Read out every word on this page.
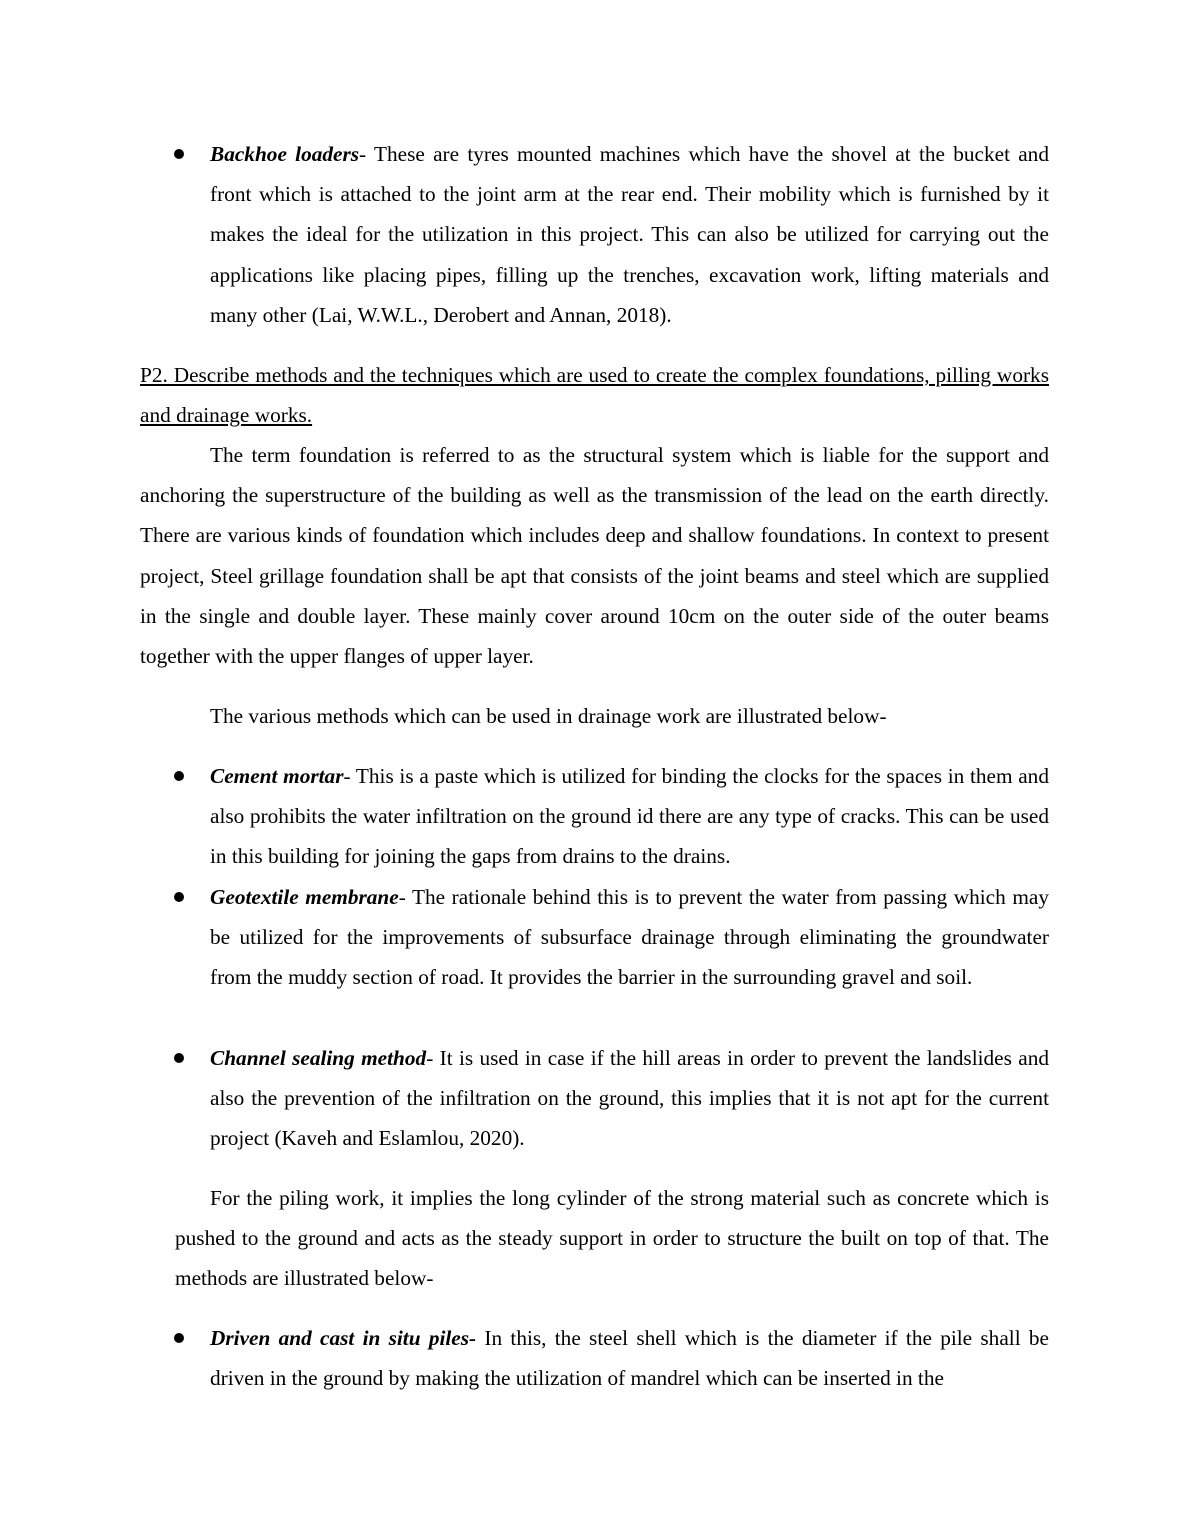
Backhoe loaders- These are tyres mounted machines which have the shovel at the bucket and front which is attached to the joint arm at the rear end. Their mobility which is furnished by it makes the ideal for the utilization in this project. This can also be utilized for carrying out the applications like placing pipes, filling up the trenches, excavation work, lifting materials and many other (Lai, W.W.L., Derobert and Annan, 2018).
P2. Describe methods and the techniques which are used to create the complex foundations, pilling works and drainage works.
The term foundation is referred to as the structural system which is liable for the support and anchoring the superstructure of the building as well as the transmission of the lead on the earth directly. There are various kinds of foundation which includes deep and shallow foundations. In context to present project, Steel grillage foundation shall be apt that consists of the joint beams and steel which are supplied in the single and double layer. These mainly cover around 10cm on the outer side of the outer beams together with the upper flanges of upper layer.
The various methods which can be used in drainage work are illustrated below-
Cement mortar- This is a paste which is utilized for binding the clocks for the spaces in them and also prohibits the water infiltration on the ground id there are any type of cracks. This can be used in this building for joining the gaps from drains to the drains.
Geotextile membrane- The rationale behind this is to prevent the water from passing which may be utilized for the improvements of subsurface drainage through eliminating the groundwater from the muddy section of road. It provides the barrier in the surrounding gravel and soil.
Channel sealing method- It is used in case if the hill areas in order to prevent the landslides and also the prevention of the infiltration on the ground, this implies that it is not apt for the current project (Kaveh and Eslamlou, 2020).
For the piling work, it implies the long cylinder of the strong material such as concrete which is pushed to the ground and acts as the steady support in order to structure the built on top of that. The methods are illustrated below-
Driven and cast in situ piles- In this, the steel shell which is the diameter if the pile shall be driven in the ground by making the utilization of mandrel which can be inserted in the
